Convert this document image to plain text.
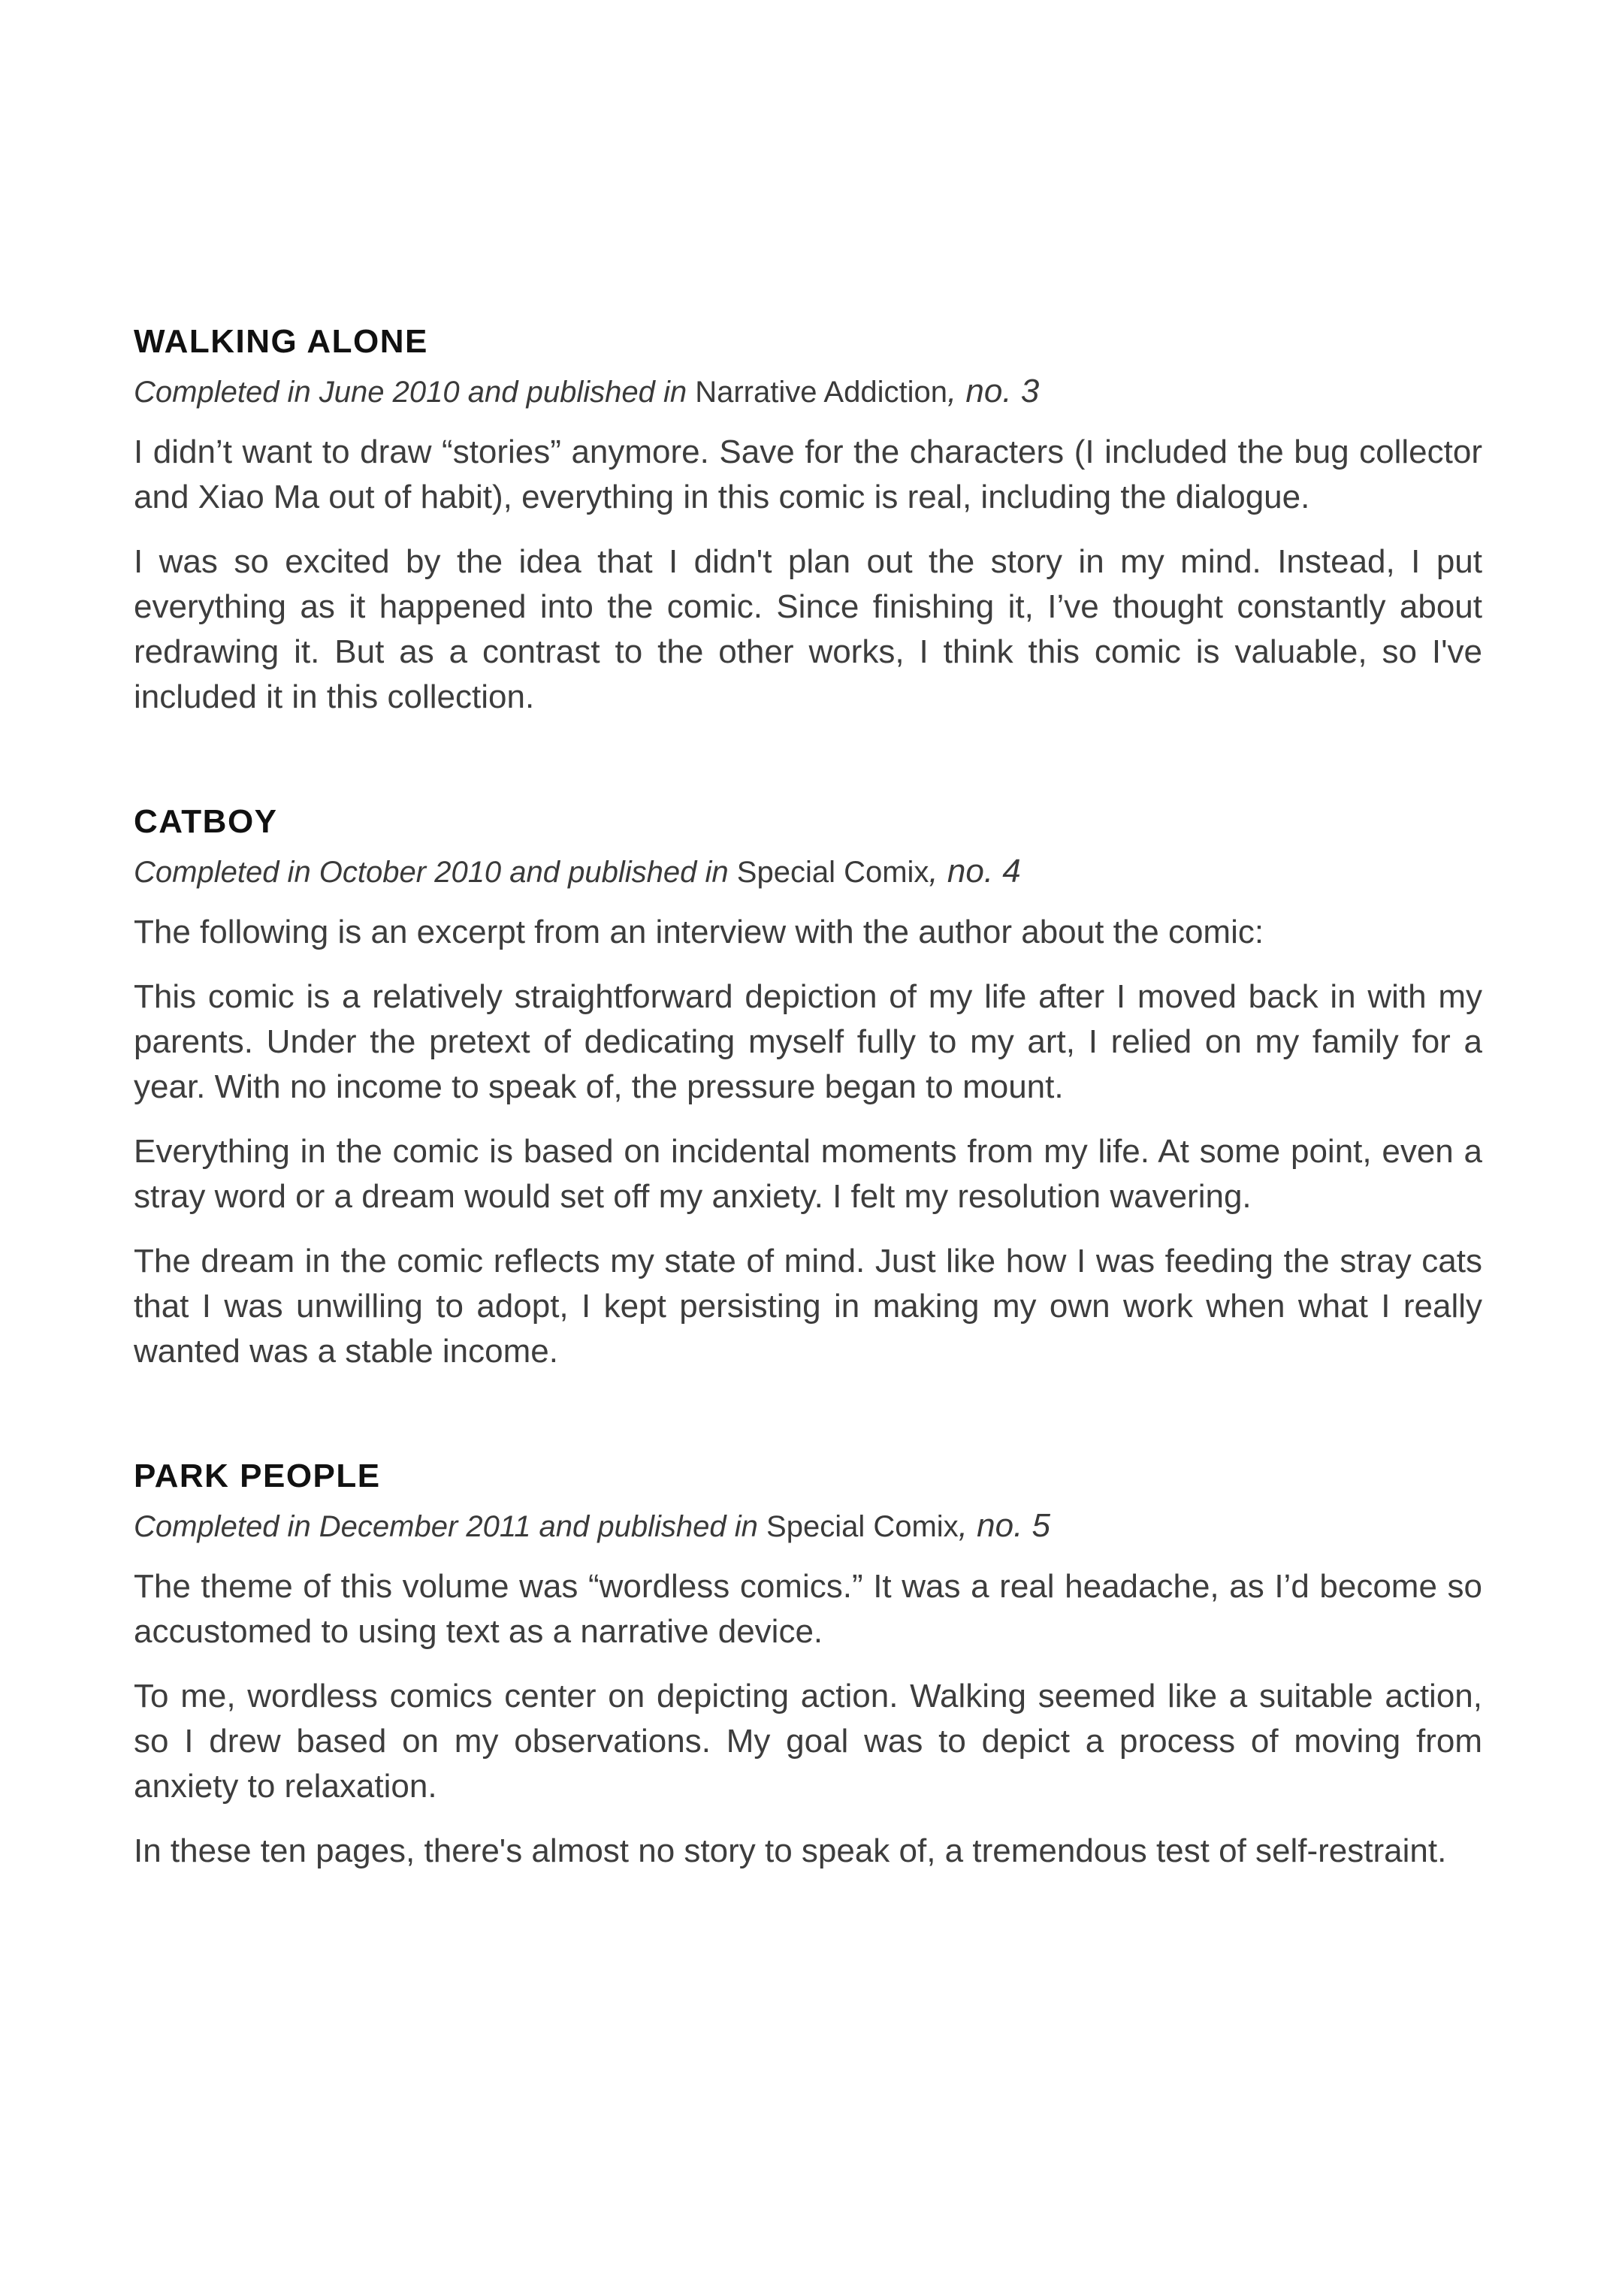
WALKING ALONE

Completed in June 2010 and published in Narrative Addiction, no. 3

I didn’t want to draw “stories” anymore. Save for the characters (I included the bug collector and Xiao Ma out of habit), everything in this comic is real, including the dialogue.

I was so excited by the idea that I didn't plan out the story in my mind. Instead, I put everything as it happened into the comic. Since finishing it, I’ve thought constantly about redrawing it. But as a contrast to the other works, I think this comic is valuable, so I've included it in this collection.

CATBOY

Completed in October 2010 and published in Special Comix, no. 4

The following is an excerpt from an interview with the author about the comic:

This comic is a relatively straightforward depiction of my life after I moved back in with my parents. Under the pretext of dedicating myself fully to my art, I relied on my family for a year. With no income to speak of, the pressure began to mount.

Everything in the comic is based on incidental moments from my life. At some point, even a stray word or a dream would set off my anxiety. I felt my resolution wavering.

The dream in the comic reflects my state of mind. Just like how I was feeding the stray cats that I was unwilling to adopt, I kept persisting in making my own work when what I really wanted was a stable income.

PARK PEOPLE

Completed in December 2011 and published in Special Comix, no. 5

The theme of this volume was “wordless comics.” It was a real headache, as I’d become so accustomed to using text as a narrative device.

To me, wordless comics center on depicting action. Walking seemed like a suitable action, so I drew based on my observations. My goal was to depict a process of moving from anxiety to relaxation.

In these ten pages, there's almost no story to speak of, a tremendous test of self-restraint.
